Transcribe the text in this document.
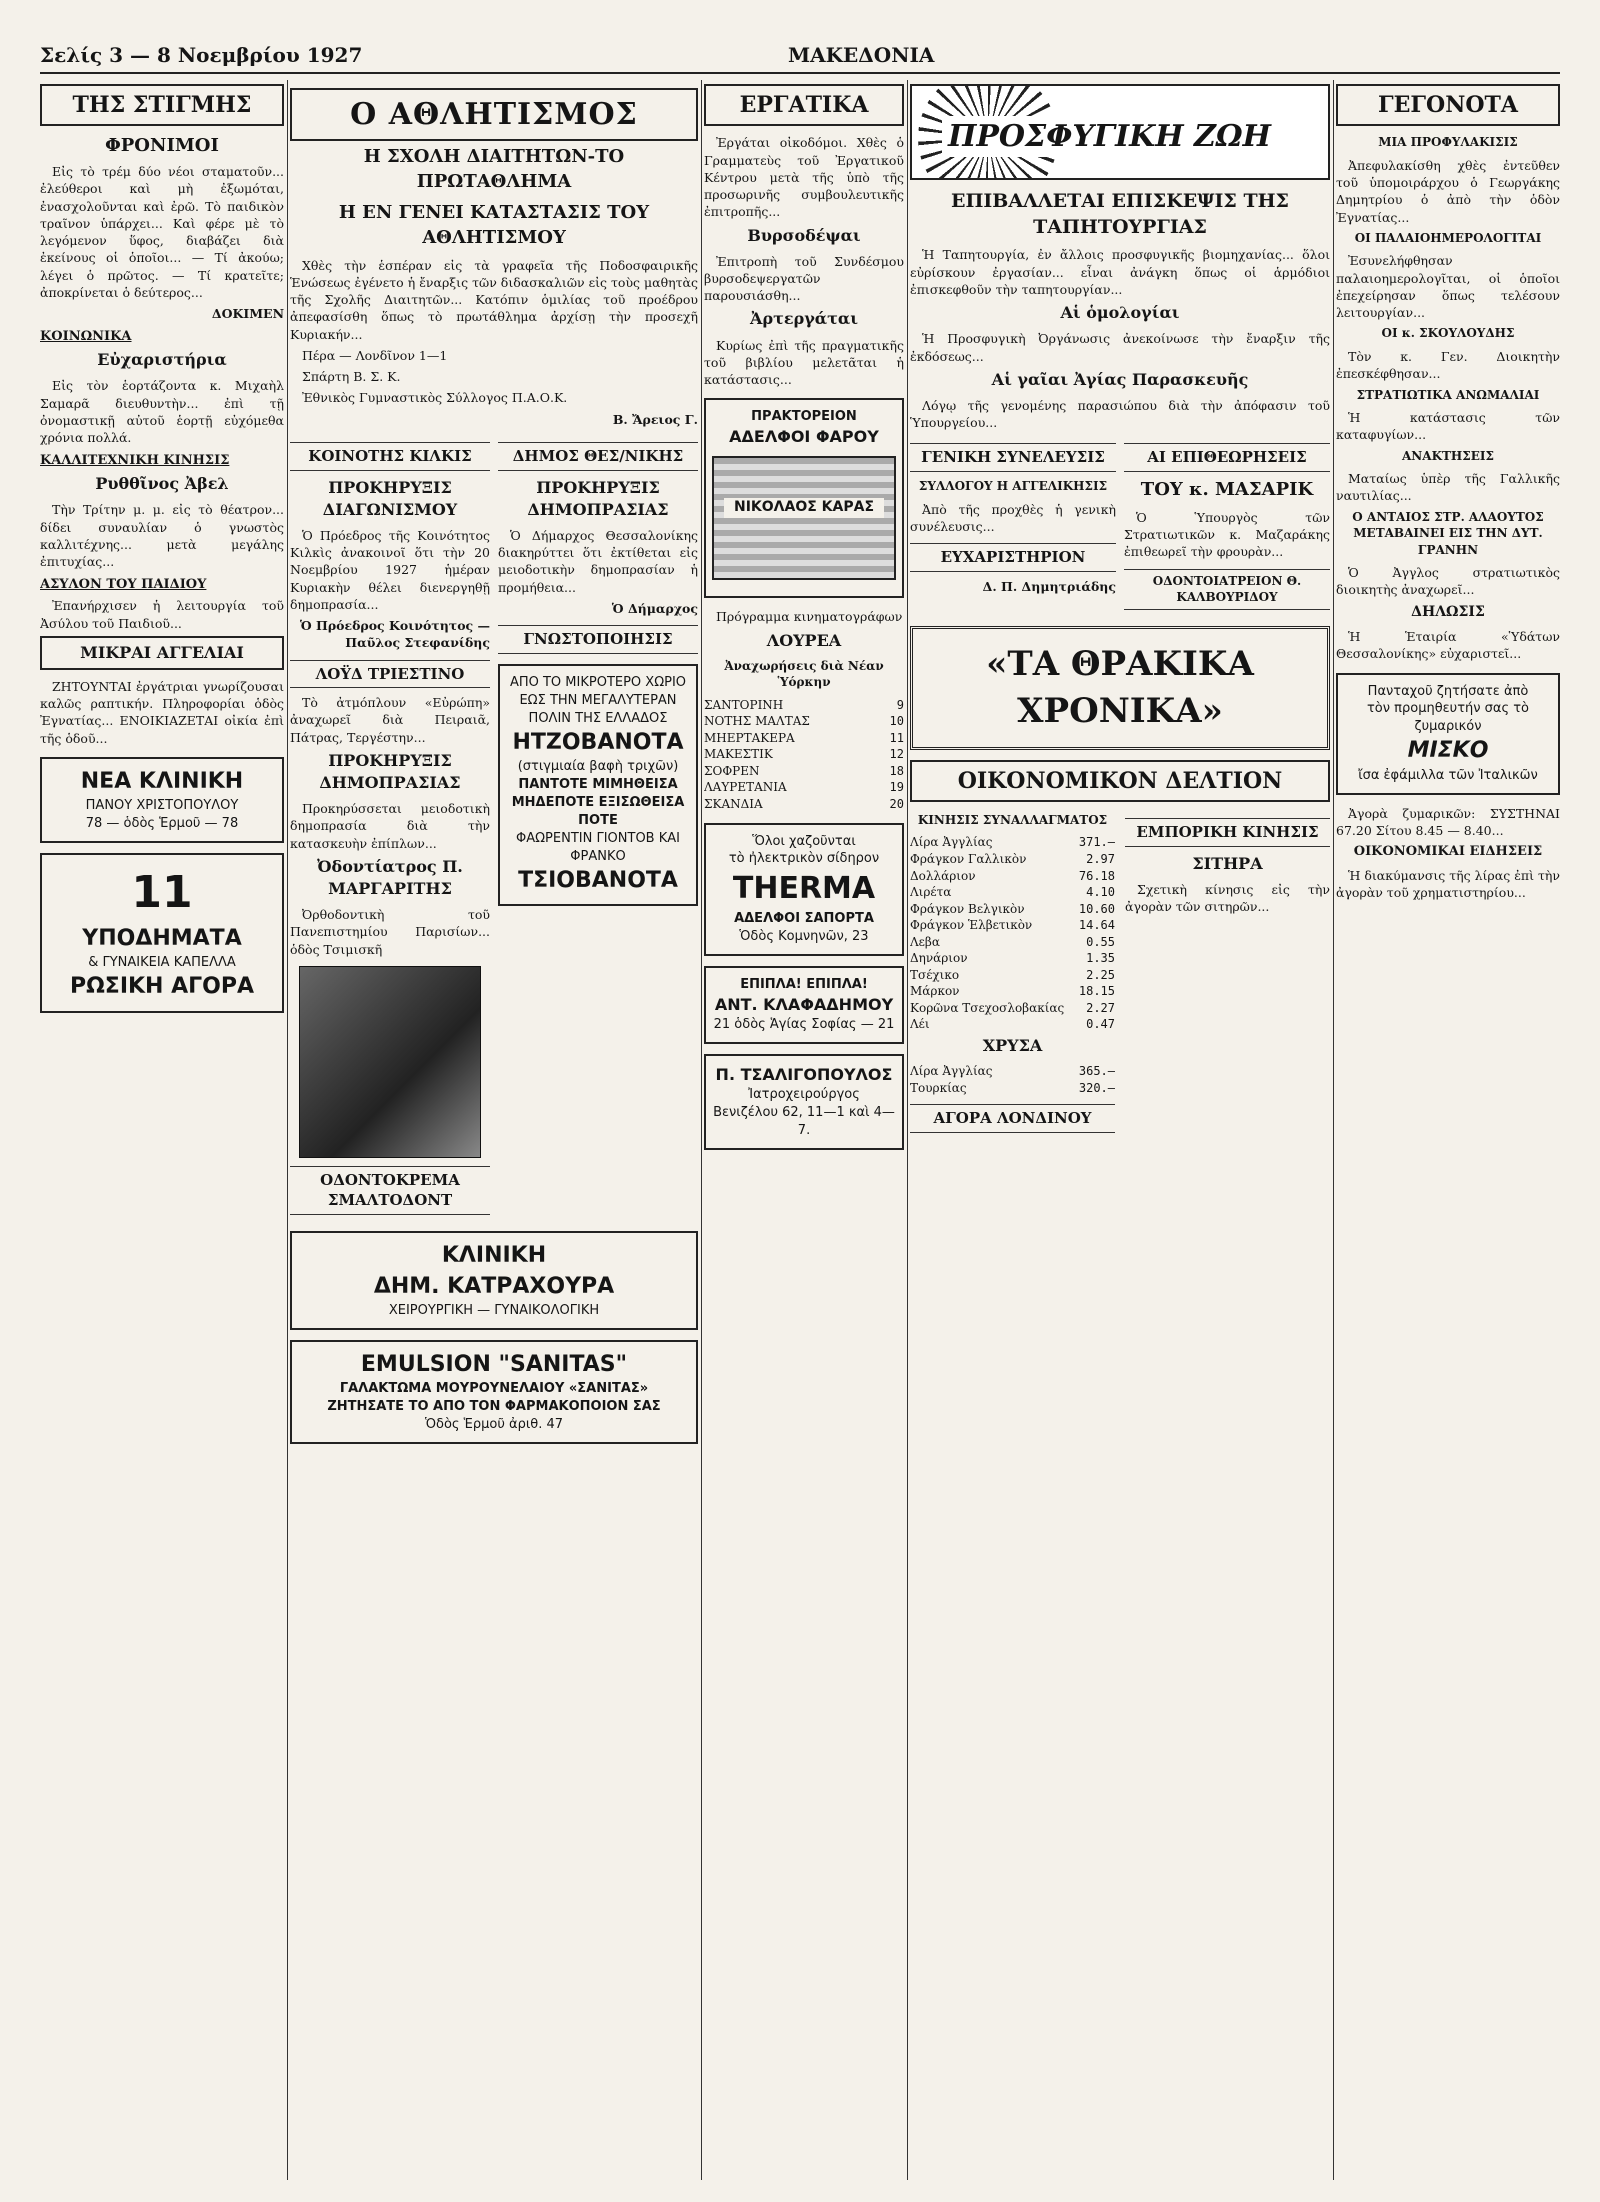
Σελίς 3 — 8 Νοεμβρίου 1927	ΜΑΚΕΔΟΝΙΑ
ΤΗΣ ΣΤΙΓΜΗΣ
ΦΡΟΝΙΜΟΙ

Εἰς τὸ τρέμ δύο νέοι σταματοῦν... ἐλεύθεροι καὶ μὴ ἐξωμόται, ἐνασχολοῦνται καὶ ἐρῶ. Τὸ παιδικὸν τραῖνον ὑπάρχει... Καὶ φέρε μὲ τὸ λεγόμενον ὕφος, διαβάζει διὰ ἐκείνους οἱ ὁποῖοι... — Τί ἀκούω; λέγει ὁ πρῶτος. — Τί κρατεῖτε; ἀποκρίνεται ὁ δεύτερος...

ΔΟΚΙΜΕΝ
ΚΟΙΝΩΝΙΚΑ
Εὐχαριστήρια

Εἰς τὸν ἑορτάζοντα κ. Μιχαὴλ Σαμαρᾶ διευθυντὴν... ἐπὶ τῇ ὀνομαστικῇ αὐτοῦ ἑορτῇ εὐχόμεθα χρόνια πολλά.

ΚΑΛΛΙΤΕΧΝΙΚΗ ΚΙΝΗΣΙΣ
Ρυθθῖνος Ἀβελ

Τὴν Τρίτην μ. μ. εἰς τὸ θέατρον... δίδει συναυλίαν ὁ γνωστὸς καλλιτέχνης... μετὰ μεγάλης ἐπιτυχίας...

ΑΣΥΛΟΝ ΤΟΥ ΠΑΙΔΙΟΥ

Ἐπανήρχισεν ἡ λειτουργία τοῦ Ἀσύλου τοῦ Παιδιοῦ...

ΜΙΚΡΑΙ ΑΓΓΕΛΙΑΙ

ΖΗΤΟΥΝΤΑΙ ἐργάτριαι γνωρίζουσαι καλῶς ραπτικήν. Πληροφορίαι ὁδὸς Ἐγνατίας... ΕΝΟΙΚΙΑΖΕΤΑΙ οἰκία ἐπὶ τῆς ὁδοῦ...

ΝΕΑ ΚΛΙΝΙΚΗ
ΠΑΝΟΥ ΧΡΙΣΤΟΠΟΥΛΟΥ
78 — ὁδὸς Ἑρμοῦ — 78
11
ΥΠΟΔΗΜΑΤΑ
& ΓΥΝΑΙΚΕΙΑ ΚΑΠΕΛΛΑ
ΡΩΣΙΚΗ ΑΓΟΡΑ
Ο ΑΘΛΗΤΙΣΜΟΣ
Η ΣΧΟΛΗ ΔΙΑΙΤΗΤΩΝ-ΤΟ ΠΡΩΤΑΘΛΗΜΑ
Η ΕΝ ΓΕΝΕΙ ΚΑΤΑΣΤΑΣΙΣ ΤΟΥ ΑΘΛΗΤΙΣΜΟΥ

Χθὲς τὴν ἑσπέραν εἰς τὰ γραφεῖα τῆς Ποδοσφαιρικῆς Ἑνώσεως ἐγένετο ἡ ἔναρξις τῶν διδασκαλιῶν εἰς τοὺς μαθητὰς τῆς Σχολῆς Διαιτητῶν... Κατόπιν ὁμιλίας τοῦ προέδρου ἀπεφασίσθη ὅπως τὸ πρωτάθλημα ἀρχίσῃ τὴν προσεχῆ Κυριακήν...

Πέρα — Λονδῖνον 1—1

Σπάρτη Β. Σ. Κ.

Ἐθνικὸς Γυμναστικὸς Σύλλογος Π.Α.Ο.Κ.

Β. Ἄρειος Γ.
ΚΟΙΝΟΤΗΣ ΚΙΛΚΙΣ
ΠΡΟΚΗΡΥΞΙΣ ΔΙΑΓΩΝΙΣΜΟΥ

Ὁ Πρόεδρος τῆς Κοινότητος Κιλκὶς ἀνακοινοῖ ὅτι τὴν 20 Νοεμβρίου 1927 ἡμέραν Κυριακὴν θέλει διενεργηθῇ δημοπρασία...

Ὁ Πρόεδρος Κοινότητος — Παῦλος Στεφανίδης
ΛΟΫΔ ΤΡΙΕΣΤΙΝΟ

Τὸ ἀτμόπλουν «Εὐρώπη» ἀναχωρεῖ διὰ Πειραιᾶ, Πάτρας, Τεργέστην...

ΠΡΟΚΗΡΥΞΙΣ ΔΗΜΟΠΡΑΣΙΑΣ

Προκηρύσσεται μειοδοτικὴ δημοπρασία διὰ τὴν κατασκευὴν ἐπίπλων...

Ὀδοντίατρος Π. ΜΑΡΓΑΡΙΤΗΣ

Ὀρθοδοντικὴ τοῦ Πανεπιστημίου Παρισίων... ὁδὸς Τσιμισκῆ

ΟΔΟΝΤΟΚΡΕΜΑ ΣΜΑΛΤΟΔΟΝΤ
ΔΗΜΟΣ ΘΕΣ/ΝΙΚΗΣ
ΠΡΟΚΗΡΥΞΙΣ ΔΗΜΟΠΡΑΣΙΑΣ

Ὁ Δήμαρχος Θεσσαλονίκης διακηρύττει ὅτι ἐκτίθεται εἰς μειοδοτικὴν δημοπρασίαν ἡ προμήθεια...

Ὁ Δήμαρχος
ΓΝΩΣΤΟΠΟΙΗΣΙΣ
ΑΠΟ ΤΟ ΜΙΚΡΟΤΕΡΟ ΧΩΡΙΟ
ΕΩΣ ΤΗΝ ΜΕΓΑΛΥΤΕΡΑΝ ΠΟΛΙΝ ΤΗΣ ΕΛΛΑΔΟΣ
ΗΤΖΟΒΑΝΟΤΑ
(στιγμιαία βαφὴ τριχῶν)
ΠΑΝΤΟΤΕ ΜΙΜΗΘΕΙΣΑ ΜΗΔΕΠΟΤΕ ΕΞΙΣΩΘΕΙΣΑ ΠΟΤΕ
ΦΑΩΡΕΝΤΙΝ ΓΙΟΝΤΟΒ ΚΑΙ ΦΡΑΝΚΟ
ΤΣΙΟΒΑΝΟΤΑ
ΚΛΙΝΙΚΗ
ΔΗΜ. ΚΑΤΡΑΧΟΥΡΑ
ΧΕΙΡΟΥΡΓΙΚΗ — ΓΥΝΑΙΚΟΛΟΓΙΚΗ
EMULSION "SANITAS"
ΓΑΛΑΚΤΩΜΑ ΜΟΥΡΟΥΝΕΛΑΙΟΥ «ΣΑΝΙΤΑΣ»
ΖΗΤΗΣΑΤΕ ΤΟ ΑΠΟ ΤΟΝ ΦΑΡΜΑΚΟΠΟΙΟΝ ΣΑΣ
Ὁδὸς Ἑρμοῦ ἀριθ. 47
ΕΡΓΑΤΙΚΑ

Ἐργάται οἰκοδόμοι. Χθὲς ὁ Γραμματεὺς τοῦ Ἐργατικοῦ Κέντρου μετὰ τῆς ὑπὸ τῆς προσωρινῆς συμβουλευτικῆς ἐπιτροπῆς...

Βυρσοδέψαι

Ἐπιτροπὴ τοῦ Συνδέσμου βυρσοδεψεργατῶν παρουσιάσθη...

Ἀρτεργάται

Κυρίως ἐπὶ τῆς πραγματικῆς τοῦ βιβλίου μελετᾶται ἡ κατάστασις...

ΠΡΑΚΤΟΡΕΙΟΝ
ΑΔΕΛΦΟΙ ΦΑΡΟΥ
ΝΙΚΟΛΑΟΣ ΚΑΡΑΣ

Πρόγραμμα κινηματογράφων

ΛΟΥΡΕΑ
Ἀναχωρήσεις διὰ Νέαν Ὑόρκην
ΣΑΝΤΟΡΙΝΗ	9
ΝΟΤΗΣ ΜΑΛΤΑΣ	10
ΜΗΕΡΤΑΚΕΡΑ	11
ΜΑΚΕΣΤΙΚ	12
ΣΟΦΡΕΝ	18
ΛΑΥΡΕΤΑΝΙΑ	19
ΣΚΑΝΔΙΑ	20
Ὅλοι χαζοῦνται
τὸ ἠλεκτρικὸν σίδηρον
THERMA
ΑΔΕΛΦΟΙ ΣΑΠΟΡΤΑ
Ὁδὸς Κομνηνῶν, 23
ΕΠΙΠΛΑ! ΕΠΙΠΛΑ!
ΑΝΤ. ΚΛΑΦΑΔΗΜΟΥ
21 ὁδὸς Ἁγίας Σοφίας — 21
Π. ΤΣΑΛΙΓΟΠΟΥΛΟΣ
Ἰατροχειρούργος
Βενιζέλου 62, 11—1 καὶ 4—7.
ΠΡΟΣΦΥΓΙΚΗ ΖΩΗ
ΕΠΙΒΑΛΛΕΤΑΙ ΕΠΙΣΚΕΨΙΣ ΤΗΣ ΤΑΠΗΤΟΥΡΓΙΑΣ

Ἡ Ταπητουργία, ἐν ἄλλοις προσφυγικῆς βιομηχανίας... ὅλοι εὐρίσκουν ἐργασίαν... εἶναι ἀνάγκη ὅπως οἱ ἁρμόδιοι ἐπισκεφθοῦν τὴν ταπητουργίαν...

Αἱ ὁμολογίαι

Ἡ Προσφυγικὴ Ὀργάνωσις ἀνεκοίνωσε τὴν ἔναρξιν τῆς ἐκδόσεως...

Αἱ γαῖαι Ἀγίας Παρασκευῆς

Λόγῳ τῆς γενομένης παρασιώπου διὰ τὴν ἀπόφασιν τοῦ Ὑπουργείου...

ΓΕΝΙΚΗ ΣΥΝΕΛΕΥΣΙΣ
ΣΥΛΛΟΓΟΥ Η ΑΓΓΕΛΙΚΗΣΙΣ

Ἀπὸ τῆς προχθὲς ἡ γενικὴ συνέλευσις...

ΕΥΧΑΡΙΣΤΗΡΙΟΝ
Δ. Π. Δημητριάδης
ΑΙ ΕΠΙΘΕΩΡΗΣΕΙΣ
ΤΟΥ κ. ΜΑΣΑΡΙΚ

Ὁ Ὑπουργὸς τῶν Στρατιωτικῶν κ. Μαζαράκης ἐπιθεωρεῖ τὴν φρουρὰν...

ΟΔΟΝΤΟΙΑΤΡΕΙΟΝ Θ. ΚΑΛΒΟΥΡΙΔΟΥ
«ΤΑ ΘΡΑΚΙΚΑ ΧΡΟΝΙΚΑ»
ΟΙΚΟΝΟΜΙΚΟΝ ΔΕΛΤΙΟΝ
ΚΙΝΗΣΙΣ ΣΥΝΑΛΛΑΓΜΑΤΟΣ
Λίρα Ἀγγλίας	371.—
Φράγκον Γαλλικὸν	2.97
Δολλάριον	76.18
Λιρέτα	4.10
Φράγκον Βελγικὸν	10.60
Φράγκον Ἑλβετικὸν	14.64
Λεβα	0.55
Δηνάριον	1.35
Τσέχικο	2.25
Μάρκον	18.15
Κορῶνα Τσεχοσλοβακίας 2.27
Λέι	0.47
ΧΡΥΣΑ
Λίρα Ἀγγλίας	365.—
Τουρκίας	320.—
ΑΓΟΡΑ ΛΟΝΔΙΝΟΥ
ΕΜΠΟΡΙΚΗ ΚΙΝΗΣΙΣ
ΣΙΤΗΡΑ

Σχετικὴ κίνησις εἰς τὴν ἀγορὰν τῶν σιτηρῶν...

ΓΕΓΟΝΟΤΑ
ΜΙΑ ΠΡΟΦΥΛΑΚΙΣΙΣ

Ἀπεφυλακίσθη χθὲς ἐντεῦθεν τοῦ ὑπομοιράρχου ὁ Γεωργάκης Δημητρίου ὁ ἀπὸ τὴν ὁδὸν Ἐγνατίας...

ΟΙ ΠΑΛΑΙΟΗΜΕΡΟΛΟΓΙΤΑΙ

Ἐσυνελήφθησαν παλαιοημερολογῖται, οἱ ὁποῖοι ἐπεχείρησαν ὅπως τελέσουν λειτουργίαν...

ΟΙ κ. ΣΚΟΥΛΟΥΔΗΣ

Τὸν κ. Γεν. Διοικητὴν ἐπεσκέφθησαν...

ΣΤΡΑΤΙΩΤΙΚΑ ΑΝΩΜΑΛΙΑΙ

Ἡ κατάστασις τῶν καταφυγίων...

ΑΝΑΚΤΗΣΕΙΣ

Ματαίως ὑπὲρ τῆς Γαλλικῆς ναυτιλίας...

Ο ΑΝΤΑΙΟΣ ΣΤΡ. ΑΛΑΟΥΤΟΣ ΜΕΤΑΒΑΙΝΕΙ ΕΙΣ ΤΗΝ ΔΥΤ. ΓΡΑΝΗΝ

Ὁ Ἀγγλος στρατιωτικὸς διοικητὴς ἀναχωρεῖ...

ΔΗΛΩΣΙΣ

Ἡ Ἑταιρία «Ὑδάτων Θεσσαλονίκης» εὐχαριστεῖ...

Πανταχοῦ ζητήσατε ἀπὸ
τὸν προμηθευτήν σας τὸ ζυμαρικόν
ΜΙΣΚΟ
ἴσα ἐφάμιλλα τῶν Ἰταλικῶν

Ἀγορὰ ζυμαρικῶν: ΣΥΣΤΗΝΑΙ 67.20 Σίτου 8.45 — 8.40...

ΟΙΚΟΝΟΜΙΚΑΙ ΕΙΔΗΣΕΙΣ

Ἡ διακύμανσις τῆς λίρας ἐπὶ τὴν ἀγορὰν τοῦ χρηματιστηρίου...
